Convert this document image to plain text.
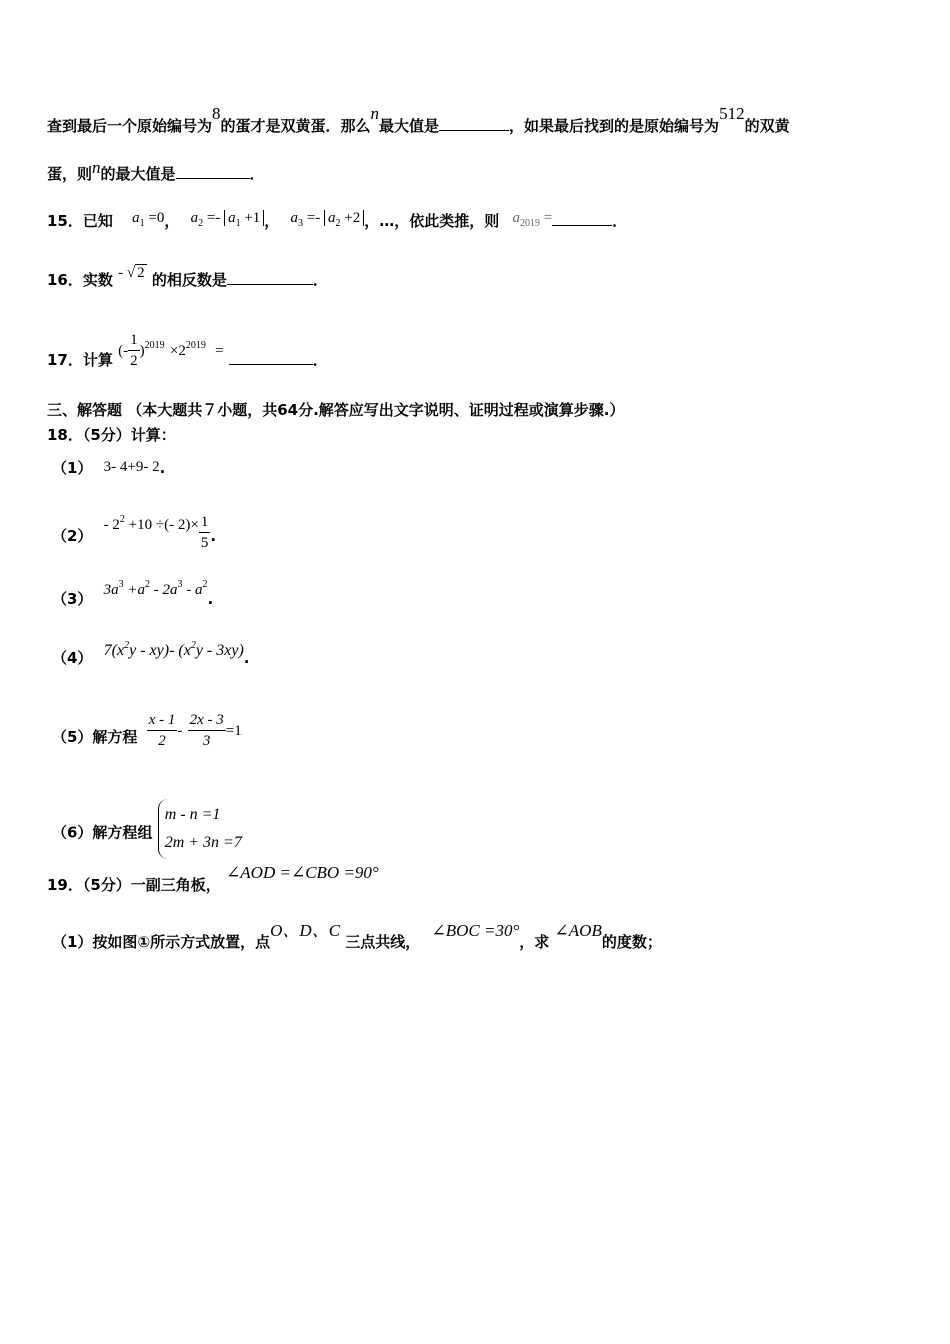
查到最后一个原始编号为8的蛋才是双黄蛋．那么n最大值是	，如果最后找到的是原始编号为512的双黄
蛋，则n的最大值是	．
15．已知 $a_1 =0$， $a_2 =- a_1 +1$ ， $a_3 =- a_2 +2$ ，…，依此类推，则 $a_{2019}$ =	．
16．实数 - √ 2 的相反数是	．
17．计算 (- $\frac{1}{2} )^{2019} \times 2^{2019}$ =	．
三、解答题 （本大题共７小题，共64分.解答应写出文字说明、证明过程或演算步骤.）
18．（5分）计算：
（1） 3- 4+9- 2.
$(2) - 2^2 +10$ ÷(- $2)\times \frac{1}{5}$ .
（3） $3a^3 +a^2 - 2a^3 - a^2$.
（4） $7(x^2y - xy)-$ $(x^2y - 3xy)$.
（5）解方程 $\frac{x - 1}{2} - \frac{2x - 3}{3} =1$
（6）解方程组
m - n =1
2m + 3n =7
19．（5分）一副三角板， ∠AOD =∠CBO =90°
（1）按如图①所示方式放置，点O、D、C 三点共线， ∠BOC =30°，求 ∠AOB的度数；
